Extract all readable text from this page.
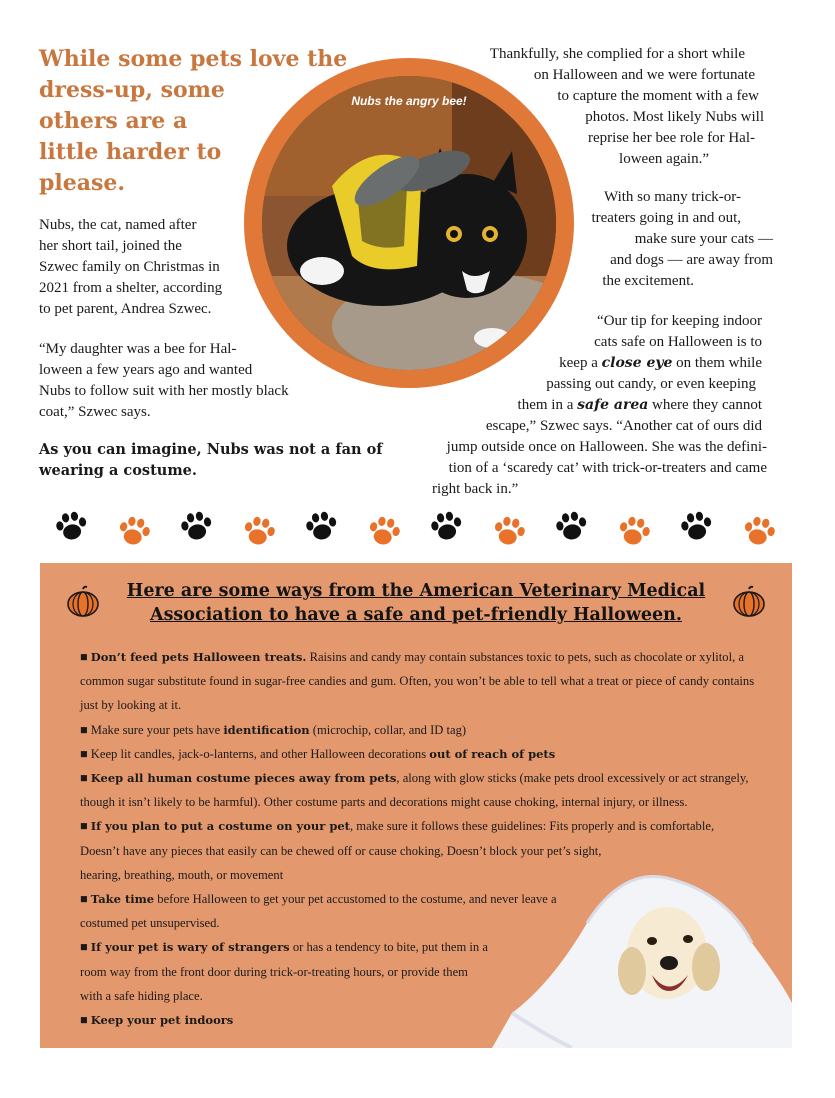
While some pets love the
dress-up, some
others are a
little harder to
please.
Nubs, the cat, named after
her short tail, joined the
Szwec family on Christmas in
2021 from a shelter, according
to pet parent, Andrea Szwec.
“My daughter was a bee for Hal-
loween a few years ago and wanted
Nubs to follow suit with her mostly black
coat,” Szwec says.
As you can imagine, Nubs was not a fan of
wearing a costume.
Nubs the angry bee!
Thankfully, she complied for a short while
on Halloween and we were fortunate
to capture the moment with a few
photos. Most likely Nubs will
reprise her bee role for Hal-
loween again.”
With so many trick-or-
treaters going in and out,
make sure your cats —
and dogs — are away from
the excitement.
“Our tip for keeping indoor
cats safe on Halloween is to
keep a close eye on them while
passing out candy, or even keeping
them in a safe area where they cannot
escape,” Szwec says. “Another cat of ours did
jump outside once on Halloween. She was the defini-
tion of a ‘scaredy cat’ with trick-or-treaters and came
right back in.”
Here are some ways from the American Veterinary Medical
Association to have a safe and pet-friendly Halloween.
■ Don’t feed pets Halloween treats. Raisins and candy may contain substances toxic to pets, such as chocolate or xylitol, a common sugar substitute found in sugar-free candies and gum. Often, you won’t be able to tell what a treat or piece of candy contains just by looking at it.
■ Make sure your pets have identification (microchip, collar, and ID tag)
■ Keep lit candles, jack-o-lanterns, and other Halloween decorations out of reach of pets
■ Keep all human costume pieces away from pets, along with glow sticks (make pets drool excessively or act strangely, though it isn’t likely to be harmful). Other costume parts and decorations might cause choking, internal injury, or illness.
■ If you plan to put a costume on your pet, make sure it follows these guidelines: Fits properly and is comfortable,
Doesn’t have any pieces that easily can be chewed off or cause choking, Doesn’t block your pet’s sight,
hearing, breathing, mouth, or movement
■ Take time before Halloween to get your pet accustomed to the costume, and never leave a
costumed pet unsupervised.
■ If your pet is wary of strangers or has a tendency to bite, put them in a
room way from the front door during trick-or-treating hours, or provide them
with a safe hiding place.
■ Keep your pet indoors
